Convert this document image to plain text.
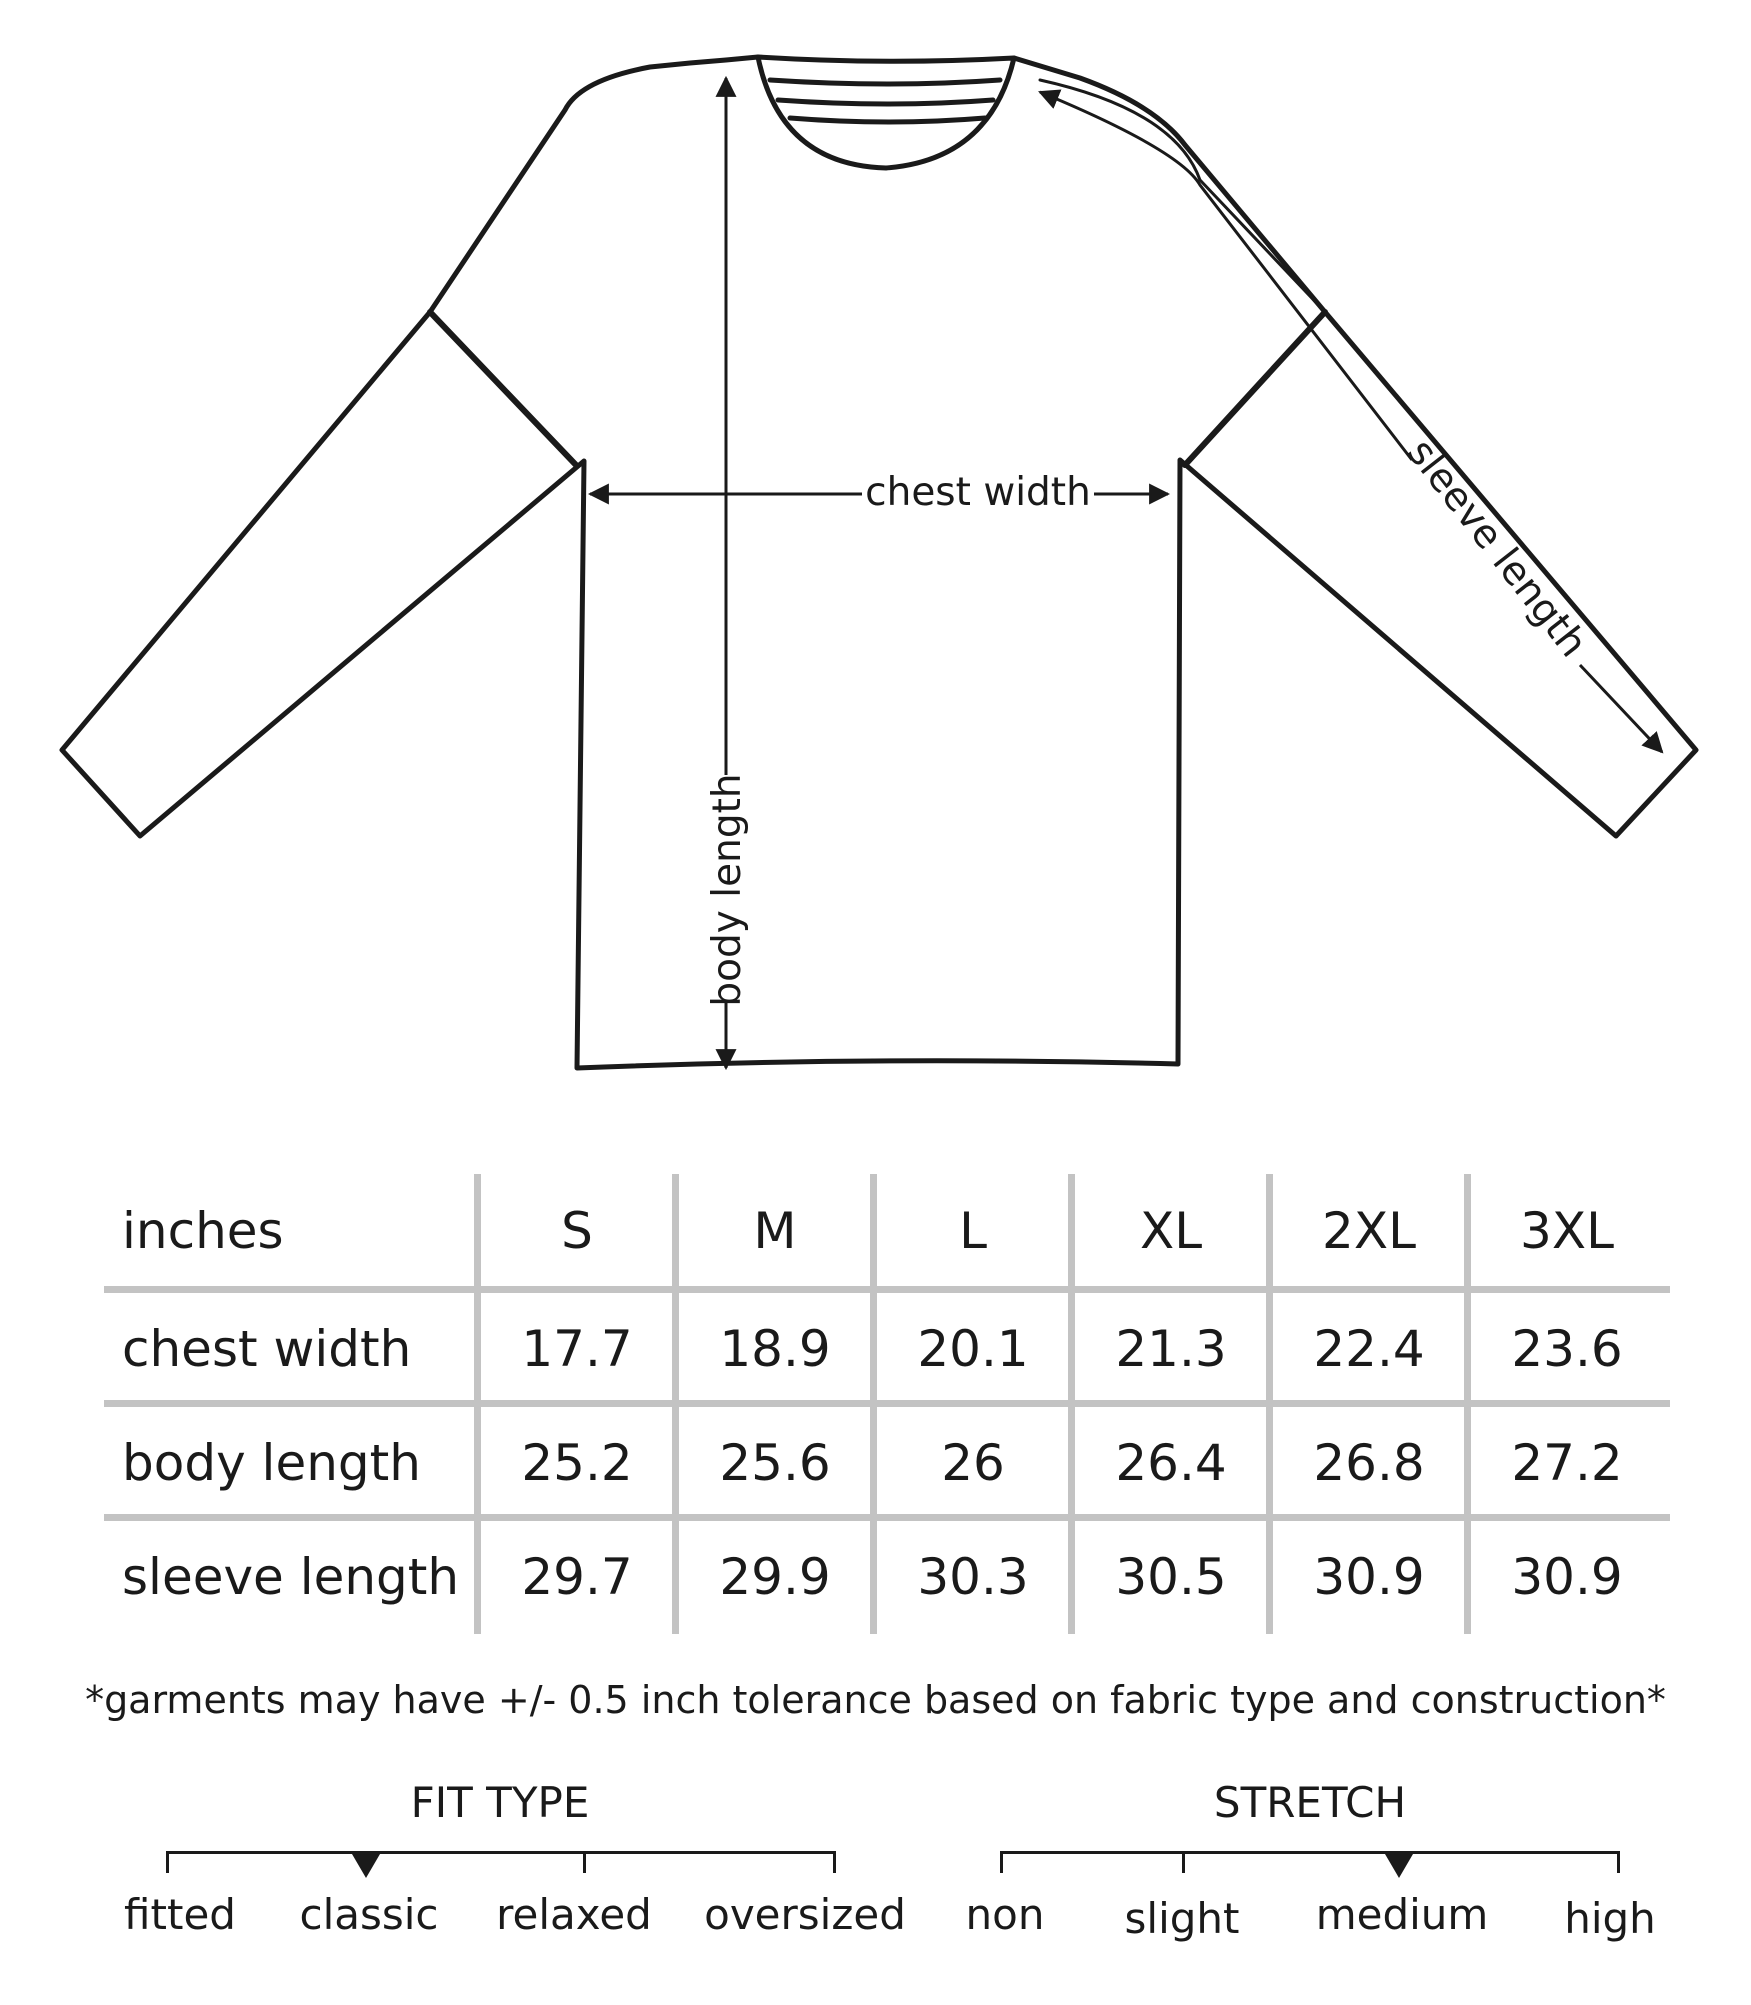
chest width
body length
sleeve length
inches	S	M	L	XL	2XL	3XL
chest width	17.7	18.9	20.1	21.3	22.4	23.6
body length	25.2	25.6	26	26.4	26.8	27.2
sleeve length	29.7	29.9	30.3	30.5	30.9	30.9
*garments may have +/- 0.5 inch tolerance based on fabric type and construction*
FIT TYPE
fitted classic relaxed oversized
STRETCH
non slight medium high
